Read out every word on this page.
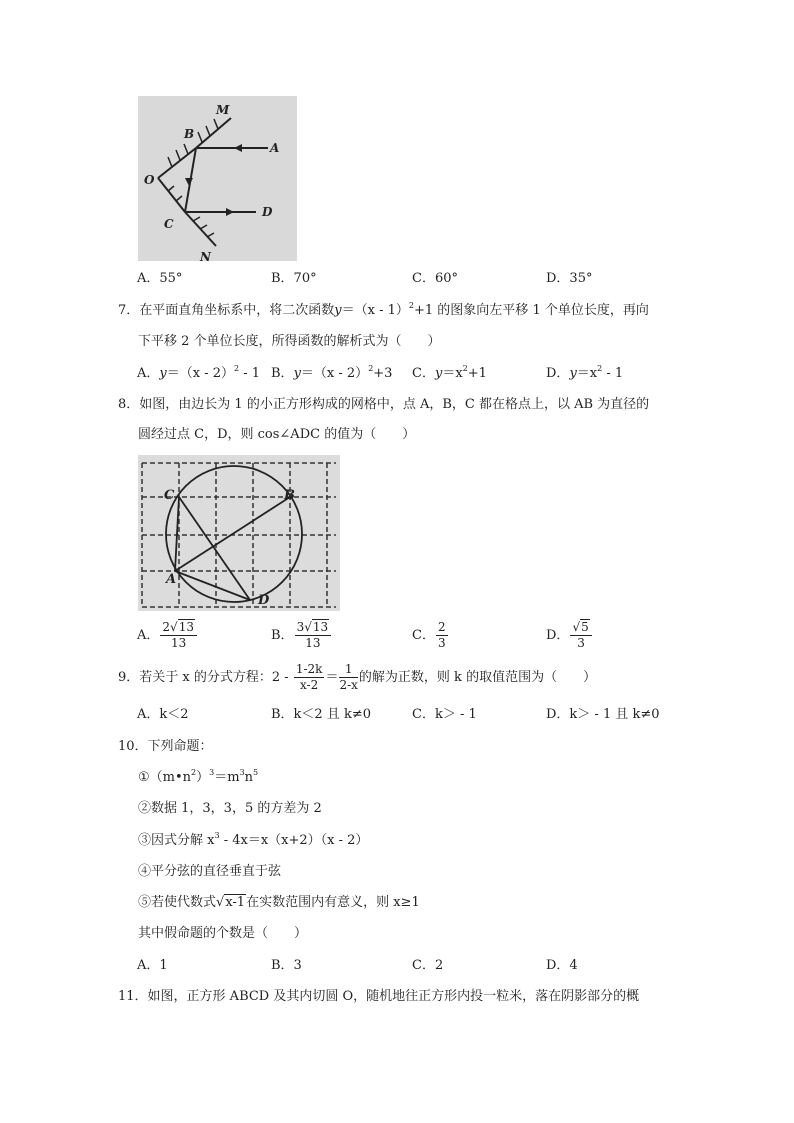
M
B
A
O
C
D
N
A．55°	B．70°	C．60°	D．35°
7．在平面直角坐标系中，将二次函数y＝（x - 1）$^2$+1 的图象向左平移 1 个单位长度，再向
下平移 2 个单位长度，所得函数的解析式为（　　）
A．y＝（x - 2）$^2$ - 1 B．y＝（x - 2）$^2$+3 C．$y=x^2+1$	D．$y=x^2 - 1$
8．如图，由边长为 1 的小正方形构成的网格中，点 A，B，C 都在格点上，以 AB 为直径的
圆经过点 C，D，则 cos∠ADC 的值为（　　）
C	B
A
D
A． $\frac{2√13}{13}$	B． $\frac{3√13}{13}$	C． $\frac{2}{3}$	D． $\frac{√5}{3}$
9．若关于 x 的分式方程：$2 - \frac{1-2k}{x-2} = \frac{1}{2-x}$ 的解为正数，则 k 的取值范围为（　　）
A．k＜2	B．k＜2 且 k≠0	C．k＞ - 1	D．k＞ - 1 且 k≠0
10．下列命题：
$①(m•n^2)^3=m^3n^5$
②数据 1，3，3，5 的方差为 2
③因式分解 $x^3 - 4x=x(x+2)(x - 2)$
④平分弦的直径垂直于弦
⑤若使代数式√x-1在实数范围内有意义，则 x≥1
其中假命题的个数是（　　）
A．1	B．3	C．2	D．4
11．如图，正方形 ABCD 及其内切圆 O，随机地往正方形内投一粒米，落在阴影部分的概
